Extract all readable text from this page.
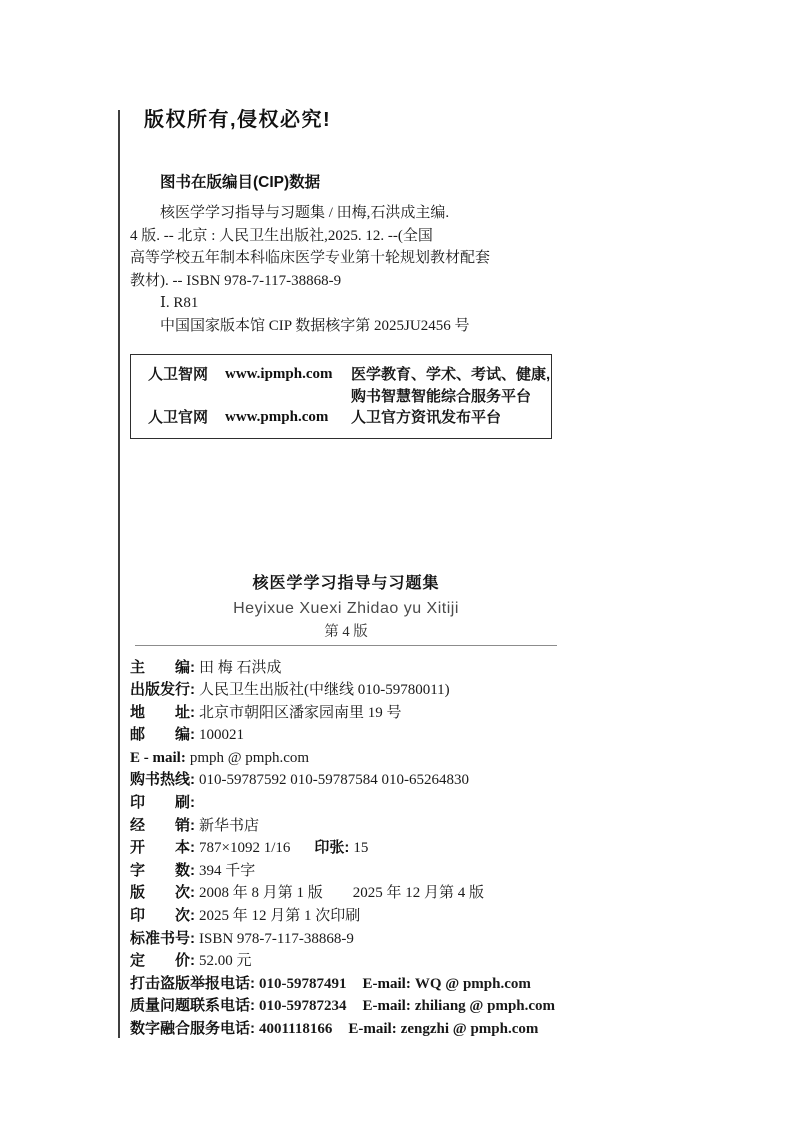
版权所有,侵权必究!
图书在版编目(CIP)数据
核医学学习指导与习题集 / 田梅,石洪成主编.
4 版. -- 北京 : 人民卫生出版社,2025. 12. --(全国
高等学校五年制本科临床医学专业第十轮规划教材配套
教材). -- ISBN 978-7-117-38868-9
Ⅰ. R81
中国国家版本馆 CIP 数据核字第 2025JU2456 号
人卫智网	www.ipmph.com	医学教育、学术、考试、健康,
购书智慧智能综合服务平台
人卫官网	www.pmph.com	人卫官方资讯发布平台
核医学学习指导与习题集
Heyixue Xuexi Zhidao yu Xitiji
第 4 版
主　　编: 田 梅 石洪成
出版发行: 人民卫生出版社(中继线 010-59780011)
地　　址: 北京市朝阳区潘家园南里 19 号
邮　　编: 100021
E - mail: pmph @ pmph.com
购书热线: 010-59787592 010-59787584 010-65264830
印　　刷:
经　　销: 新华书店
开　　本: 787×1092 1/16 印张: 15
字　　数: 394 千字
版　　次: 2008 年 8 月第 1 版　　2025 年 12 月第 4 版
印　　次: 2025 年 12 月第 1 次印刷
标准书号: ISBN 978-7-117-38868-9
定　　价: 52.00 元
打击盗版举报电话: 010-59787491 E-mail: WQ @ pmph.com
质量问题联系电话: 010-59787234 E-mail: zhiliang @ pmph.com
数字融合服务电话: 4001118166 E-mail: zengzhi @ pmph.com
